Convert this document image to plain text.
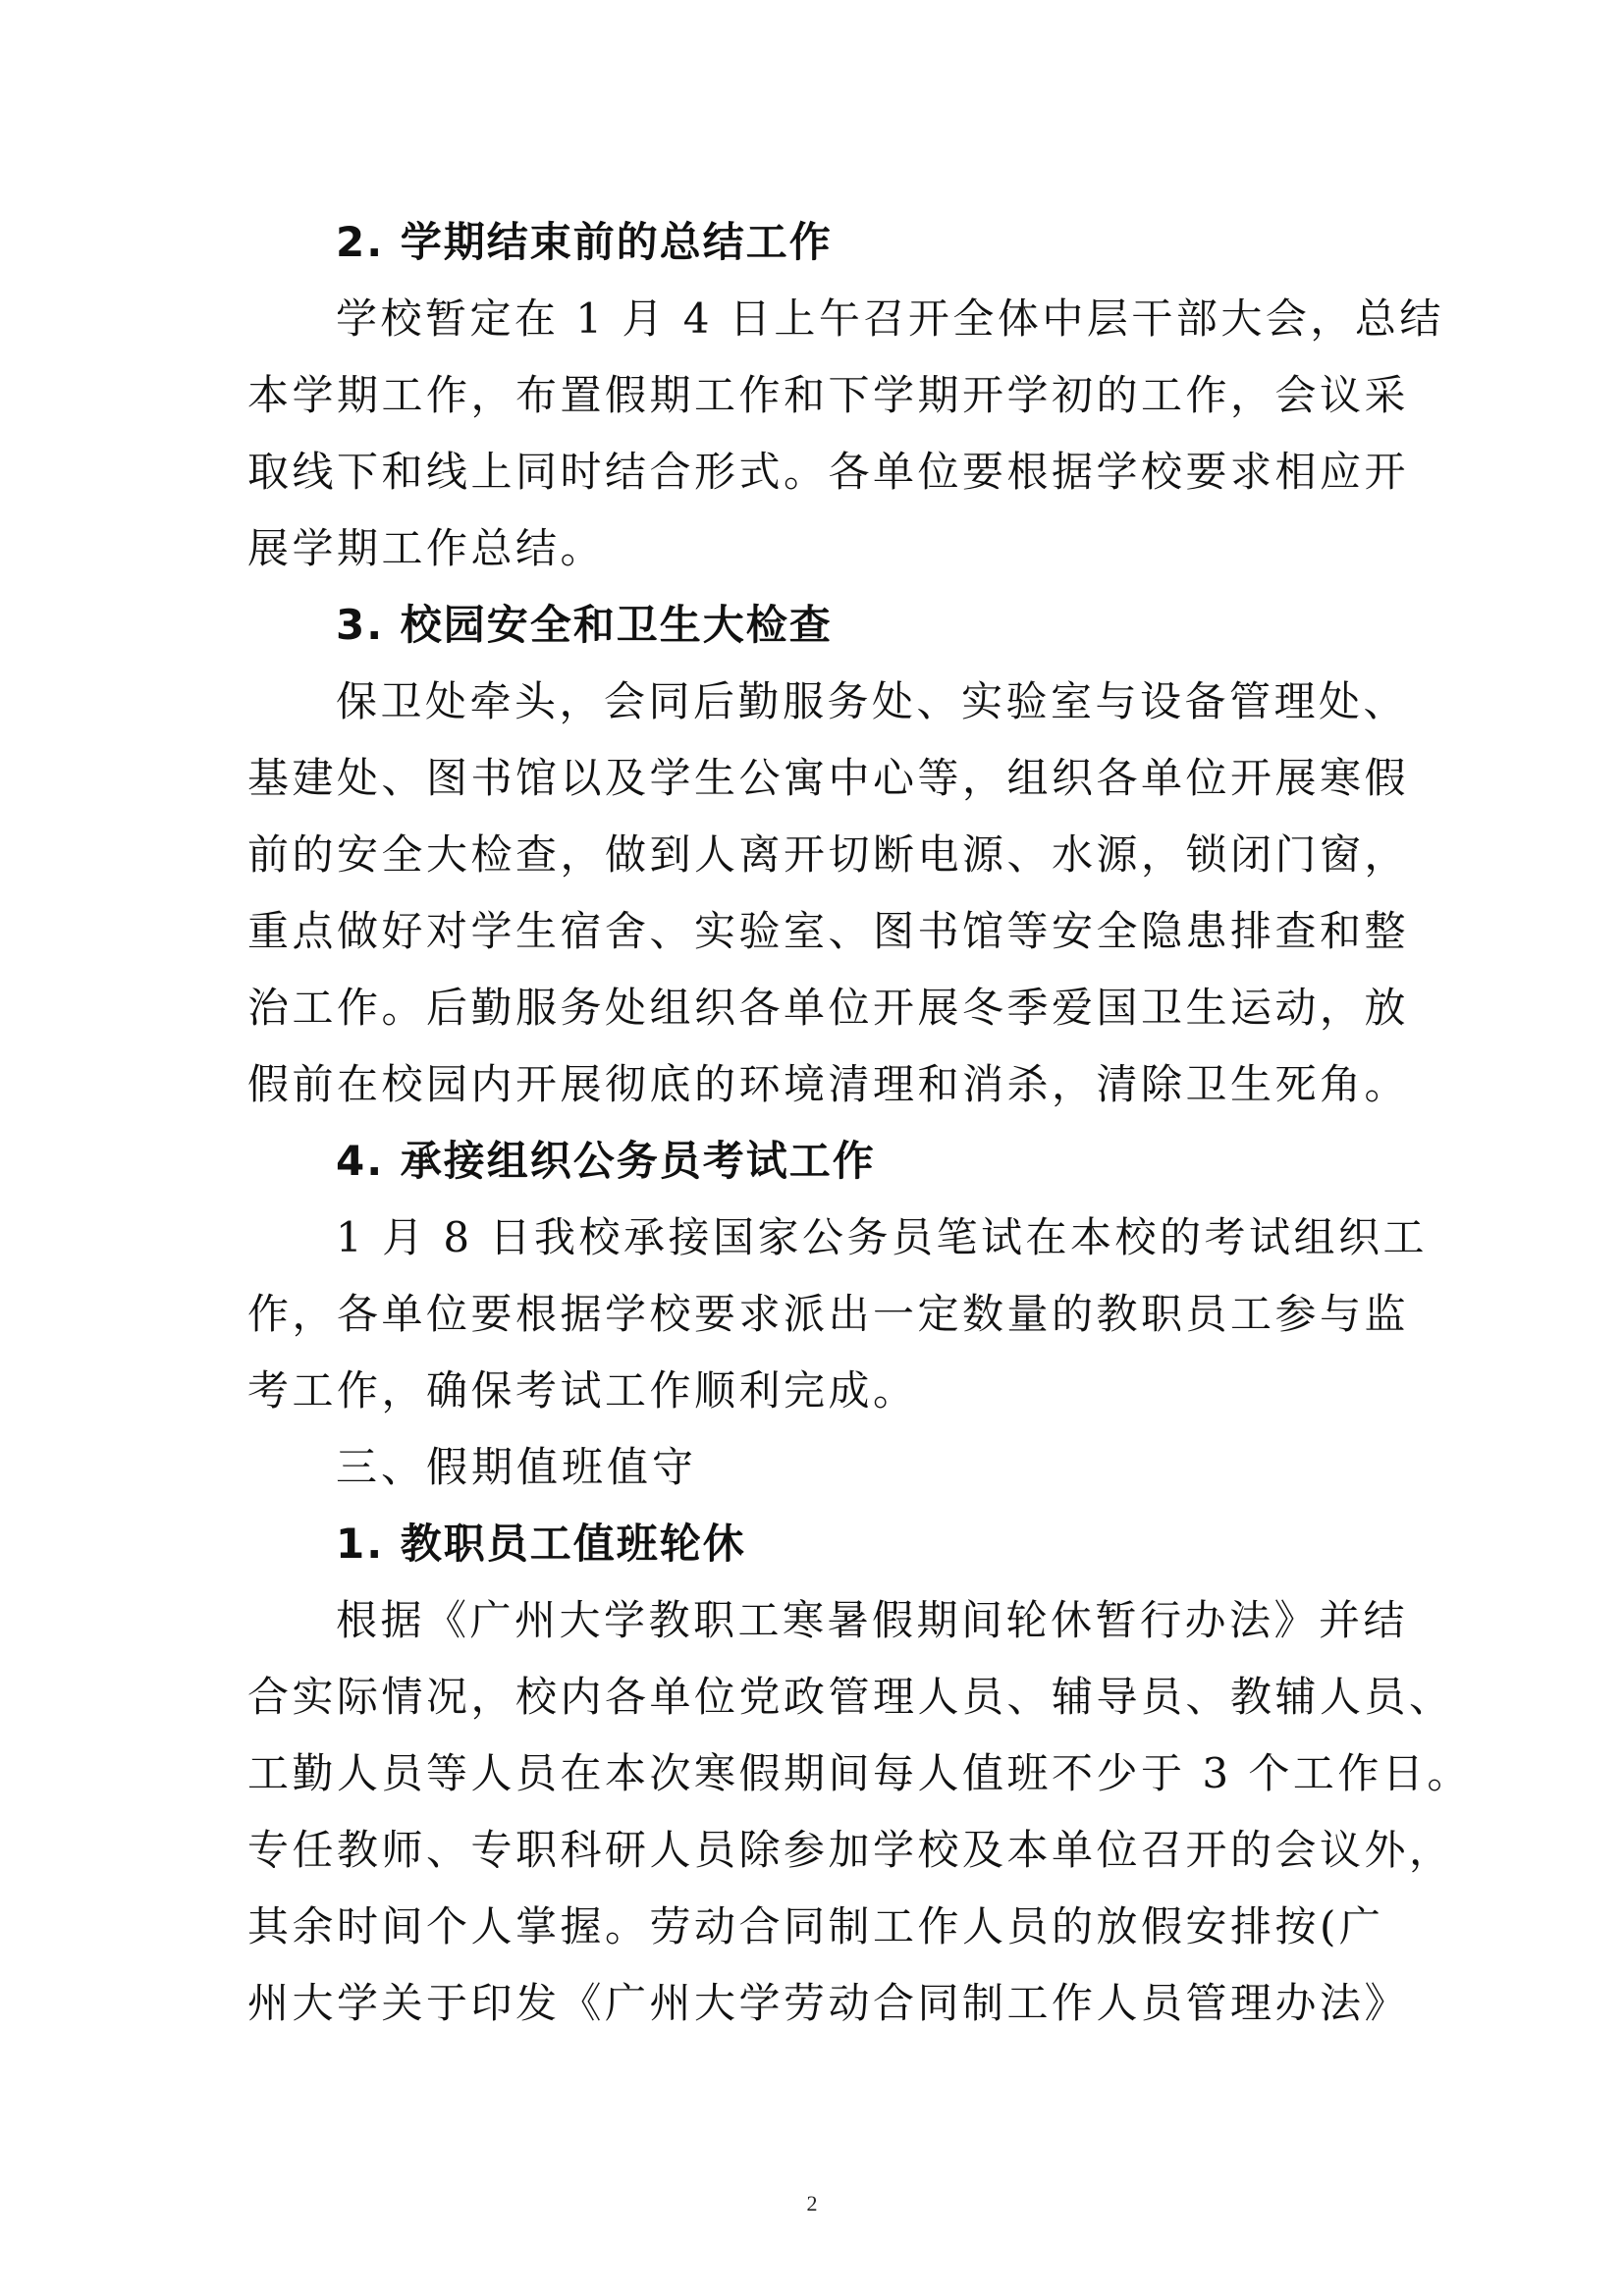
2. 学期结束前的总结工作
学校暂定在 1 月 4 日上午召开全体中层干部大会，总结
本学期工作，布置假期工作和下学期开学初的工作，会议采
取线下和线上同时结合形式。各单位要根据学校要求相应开
展学期工作总结。
3. 校园安全和卫生大检查
保卫处牵头，会同后勤服务处、实验室与设备管理处、
基建处、图书馆以及学生公寓中心等，组织各单位开展寒假
前的安全大检查，做到人离开切断电源、水源，锁闭门窗，
重点做好对学生宿舍、实验室、图书馆等安全隐患排查和整
治工作。后勤服务处组织各单位开展冬季爱国卫生运动，放
假前在校园内开展彻底的环境清理和消杀，清除卫生死角。
4. 承接组织公务员考试工作
1 月 8 日我校承接国家公务员笔试在本校的考试组织工
作，各单位要根据学校要求派出一定数量的教职员工参与监
考工作，确保考试工作顺利完成。
三、假期值班值守
1. 教职员工值班轮休
根据《广州大学教职工寒暑假期间轮休暂行办法》并结
合实际情况，校内各单位党政管理人员、辅导员、教辅人员、
工勤人员等人员在本次寒假期间每人值班不少于 3 个工作日。
专任教师、专职科研人员除参加学校及本单位召开的会议外，
其余时间个人掌握。劳动合同制工作人员的放假安排按(广
州大学关于印发《广州大学劳动合同制工作人员管理办法》
2
